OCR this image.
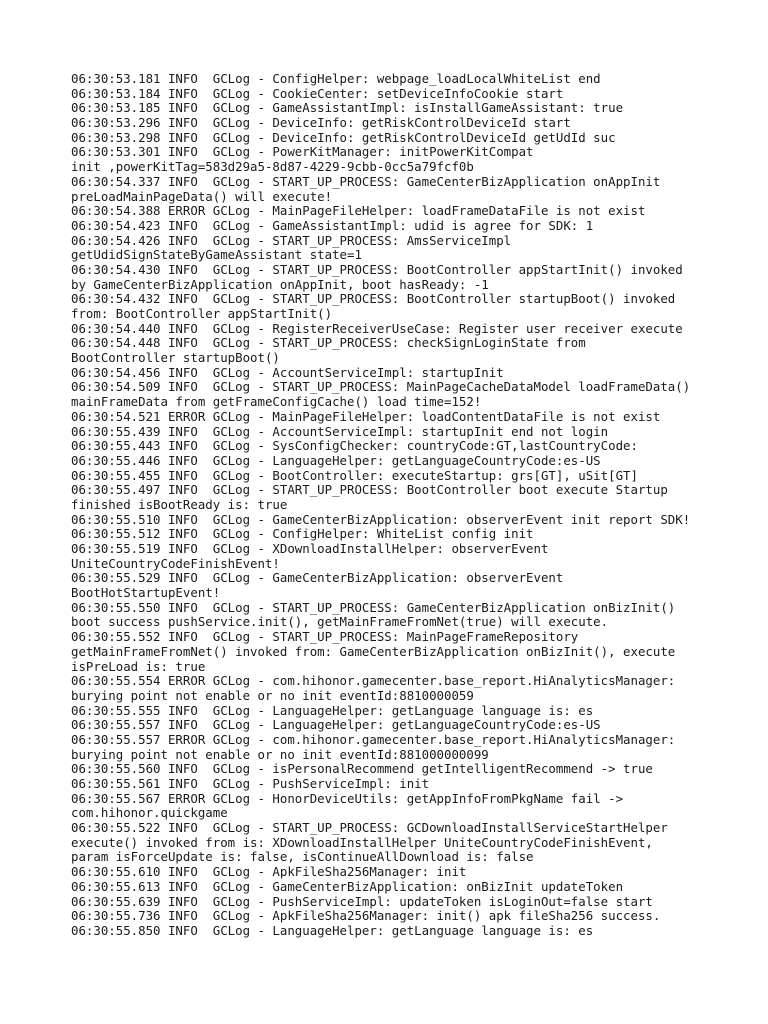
06:30:53.181 INFO  GCLog - ConfigHelper: webpage_loadLocalWhiteList end
06:30:53.184 INFO  GCLog - CookieCenter: setDeviceInfoCookie start
06:30:53.185 INFO  GCLog - GameAssistantImpl: isInstallGameAssistant: true
06:30:53.296 INFO  GCLog - DeviceInfo: getRiskControlDeviceId start
06:30:53.298 INFO  GCLog - DeviceInfo: getRiskControlDeviceId getUdId suc
06:30:53.301 INFO  GCLog - PowerKitManager: initPowerKitCompat
init ,powerKitTag=583d29a5-8d87-4229-9cbb-0cc5a79fcf0b
06:30:54.337 INFO  GCLog - START_UP_PROCESS: GameCenterBizApplication onAppInit
preLoadMainPageData() will execute!
06:30:54.388 ERROR GCLog - MainPageFileHelper: loadFrameDataFile is not exist
06:30:54.423 INFO  GCLog - GameAssistantImpl: udid is agree for SDK: 1
06:30:54.426 INFO  GCLog - START_UP_PROCESS: AmsServiceImpl
getUdidSignStateByGameAssistant state=1
06:30:54.430 INFO  GCLog - START_UP_PROCESS: BootController appStartInit() invoked
by GameCenterBizApplication onAppInit, boot hasReady: -1
06:30:54.432 INFO  GCLog - START_UP_PROCESS: BootController startupBoot() invoked
from: BootController appStartInit()
06:30:54.440 INFO  GCLog - RegisterReceiverUseCase: Register user receiver execute
06:30:54.448 INFO  GCLog - START_UP_PROCESS: checkSignLoginState from
BootController startupBoot()
06:30:54.456 INFO  GCLog - AccountServiceImpl: startupInit
06:30:54.509 INFO  GCLog - START_UP_PROCESS: MainPageCacheDataModel loadFrameData()
mainFrameData from getFrameConfigCache() load time=152!
06:30:54.521 ERROR GCLog - MainPageFileHelper: loadContentDataFile is not exist
06:30:55.439 INFO  GCLog - AccountServiceImpl: startupInit end not login
06:30:55.443 INFO  GCLog - SysConfigChecker: countryCode:GT,lastCountryCode:
06:30:55.446 INFO  GCLog - LanguageHelper: getLanguageCountryCode:es-US
06:30:55.455 INFO  GCLog - BootController: executeStartup: grs[GT], uSit[GT]
06:30:55.497 INFO  GCLog - START_UP_PROCESS: BootController boot execute Startup
finished isBootReady is: true
06:30:55.510 INFO  GCLog - GameCenterBizApplication: observerEvent init report SDK!
06:30:55.512 INFO  GCLog - ConfigHelper: WhiteList config init
06:30:55.519 INFO  GCLog - XDownloadInstallHelper: observerEvent
UniteCountryCodeFinishEvent!
06:30:55.529 INFO  GCLog - GameCenterBizApplication: observerEvent
BootHotStartupEvent!
06:30:55.550 INFO  GCLog - START_UP_PROCESS: GameCenterBizApplication onBizInit()
boot success pushService.init(), getMainFrameFromNet(true) will execute.
06:30:55.552 INFO  GCLog - START_UP_PROCESS: MainPageFrameRepository
getMainFrameFromNet() invoked from: GameCenterBizApplication onBizInit(), execute
isPreLoad is: true
06:30:55.554 ERROR GCLog - com.hihonor.gamecenter.base_report.HiAnalyticsManager:
burying point not enable or no init eventId:8810000059
06:30:55.555 INFO  GCLog - LanguageHelper: getLanguage language is: es
06:30:55.557 INFO  GCLog - LanguageHelper: getLanguageCountryCode:es-US
06:30:55.557 ERROR GCLog - com.hihonor.gamecenter.base_report.HiAnalyticsManager:
burying point not enable or no init eventId:881000000099
06:30:55.560 INFO  GCLog - isPersonalRecommend getIntelligentRecommend -> true
06:30:55.561 INFO  GCLog - PushServiceImpl: init
06:30:55.567 ERROR GCLog - HonorDeviceUtils: getAppInfoFromPkgName fail ->
com.hihonor.quickgame
06:30:55.522 INFO  GCLog - START_UP_PROCESS: GCDownloadInstallServiceStartHelper
execute() invoked from is: XDownloadInstallHelper UniteCountryCodeFinishEvent,
param isForceUpdate is: false, isContinueAllDownload is: false
06:30:55.610 INFO  GCLog - ApkFileSha256Manager: init
06:30:55.613 INFO  GCLog - GameCenterBizApplication: onBizInit updateToken
06:30:55.639 INFO  GCLog - PushServiceImpl: updateToken isLoginOut=false start
06:30:55.736 INFO  GCLog - ApkFileSha256Manager: init() apk fileSha256 success.
06:30:55.850 INFO  GCLog - LanguageHelper: getLanguage language is: es
